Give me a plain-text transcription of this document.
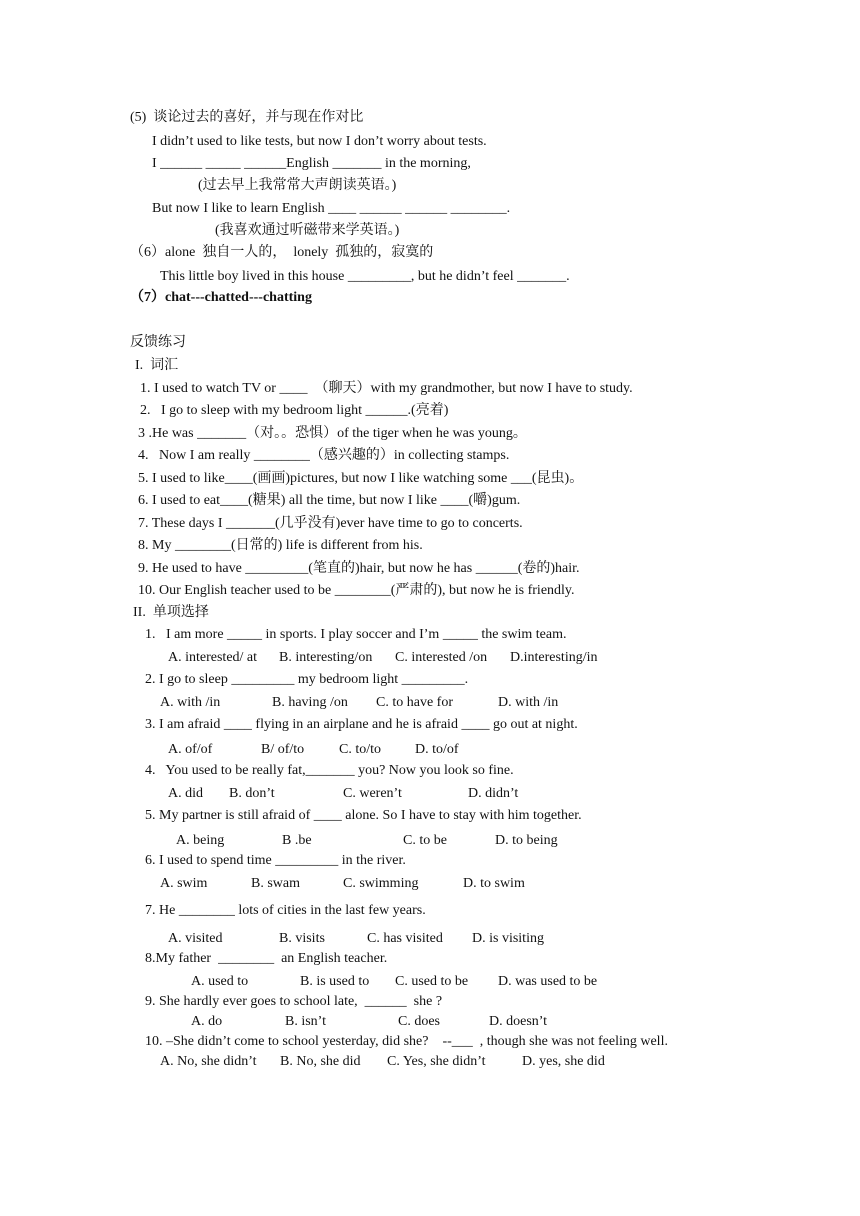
(5)  谈论过去的喜好，并与现在作对比
I didn’t used to like tests, but now I don’t worry about tests.
I ______ _____ ______English _______ in the morning,
(过去早上我常常大声朗读英语。)
But now I like to learn English ____ ______ ______ ________.
(我喜欢通过听磁带来学英语。)
（6）alone  独自一人的，  lonely  孤独的，寂寞的
This little boy lived in this house _________, but he didn’t feel _______.
（7）chat---chatted---chatting
反馈练习
I.  词汇
1. I used to watch TV or ____  （聊天）with my grandmother, but now I have to study.
2.   I go to sleep with my bedroom light ______.(亮着)
3 .He was _______（对。。恐惧）of the tiger when he was young。
4.   Now I am really ________（感兴趣的）in collecting stamps.
5. I used to like____(画画)pictures, but now I like watching some ___(昆虫)。
6. I used to eat____(糖果) all the time, but now I like ____(嚼)gum.
7. These days I _______(几乎没有)ever have time to go to concerts.
8. My ________(日常的) life is different from his.
9. He used to have _________(笔直的)hair, but now he has ______(卷的)hair.
10. Our English teacher used to be ________(严肃的), but now he is friendly.
II.  单项选择
1.   I am more _____ in sports. I play soccer and I’m _____ the swim team.
A. interested/ at B. interesting/on C. interested /on D.interesting/in
2. I go to sleep _________ my bedroom light _________.
A. with /in	B. having /on C. to have for	D. with /in
3. I am afraid ____ flying in an airplane and he is afraid ____ go out at night.
A. of/of	B/ of/to C. to/to D. to/of
4.   You used to be really fat,_______ you? Now you look so fine.
A. did B. don’t	C. weren’t	D. didn’t
5. My partner is still afraid of ____ alone. So I have to stay with him together.
A. being	B .be	C. to be	D. to being
6. I used to spend time _________ in the river.
A. swim	B. swam	C. swimming	D. to swim
7. He ________ lots of cities in the last few years.
A. visited	B. visits	C. has visited D. is visiting
8.My father  ________  an English teacher.
A. used to	B. is used to C. used to be D. was used to be
9. She hardly ever goes to school late,  ______  she ?
A. do	B. isn’t	C. does	D. doesn’t
10. –She didn’t come to school yesterday, did she?    --___  , though she was not feeling well.
A. No, she didn’t B. No, she did C. Yes, she didn’t	D. yes, she did
